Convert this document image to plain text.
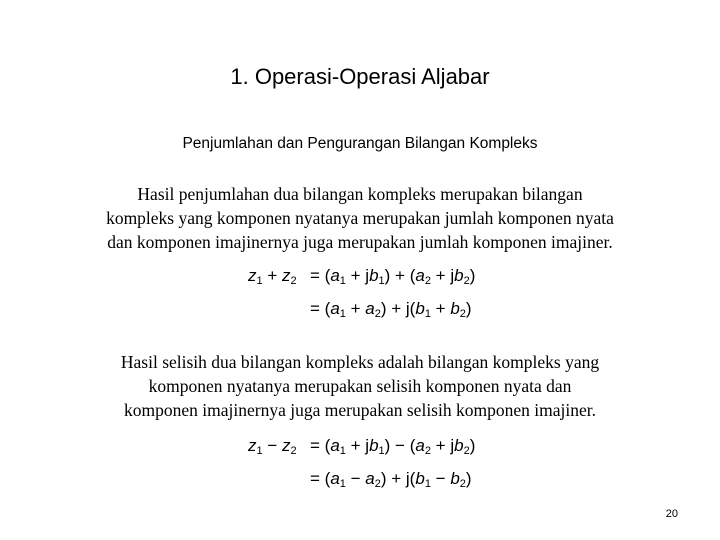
1. Operasi-Operasi Aljabar
Penjumlahan dan Pengurangan Bilangan Kompleks
Hasil penjumlahan dua bilangan kompleks merupakan bilangan
kompleks yang komponen nyatanya merupakan jumlah komponen nyata
dan komponen imajinernya juga merupakan jumlah komponen imajiner.
$z_1 + z_2 = (a_1 + jb_1) + (a_2 + jb_2)$
= $(a_1 + a_2) + j(b_1 + b_2)$
Hasil selisih dua bilangan kompleks adalah bilangan kompleks yang
komponen nyatanya merupakan selisih komponen nyata dan
komponen imajinernya juga merupakan selisih komponen imajiner.
$z_1 - z_2 = (a_1 + jb_1) - (a_2 + jb_2)$
= $(a_1 - a_2) + j(b_1 - b_2)$
20
